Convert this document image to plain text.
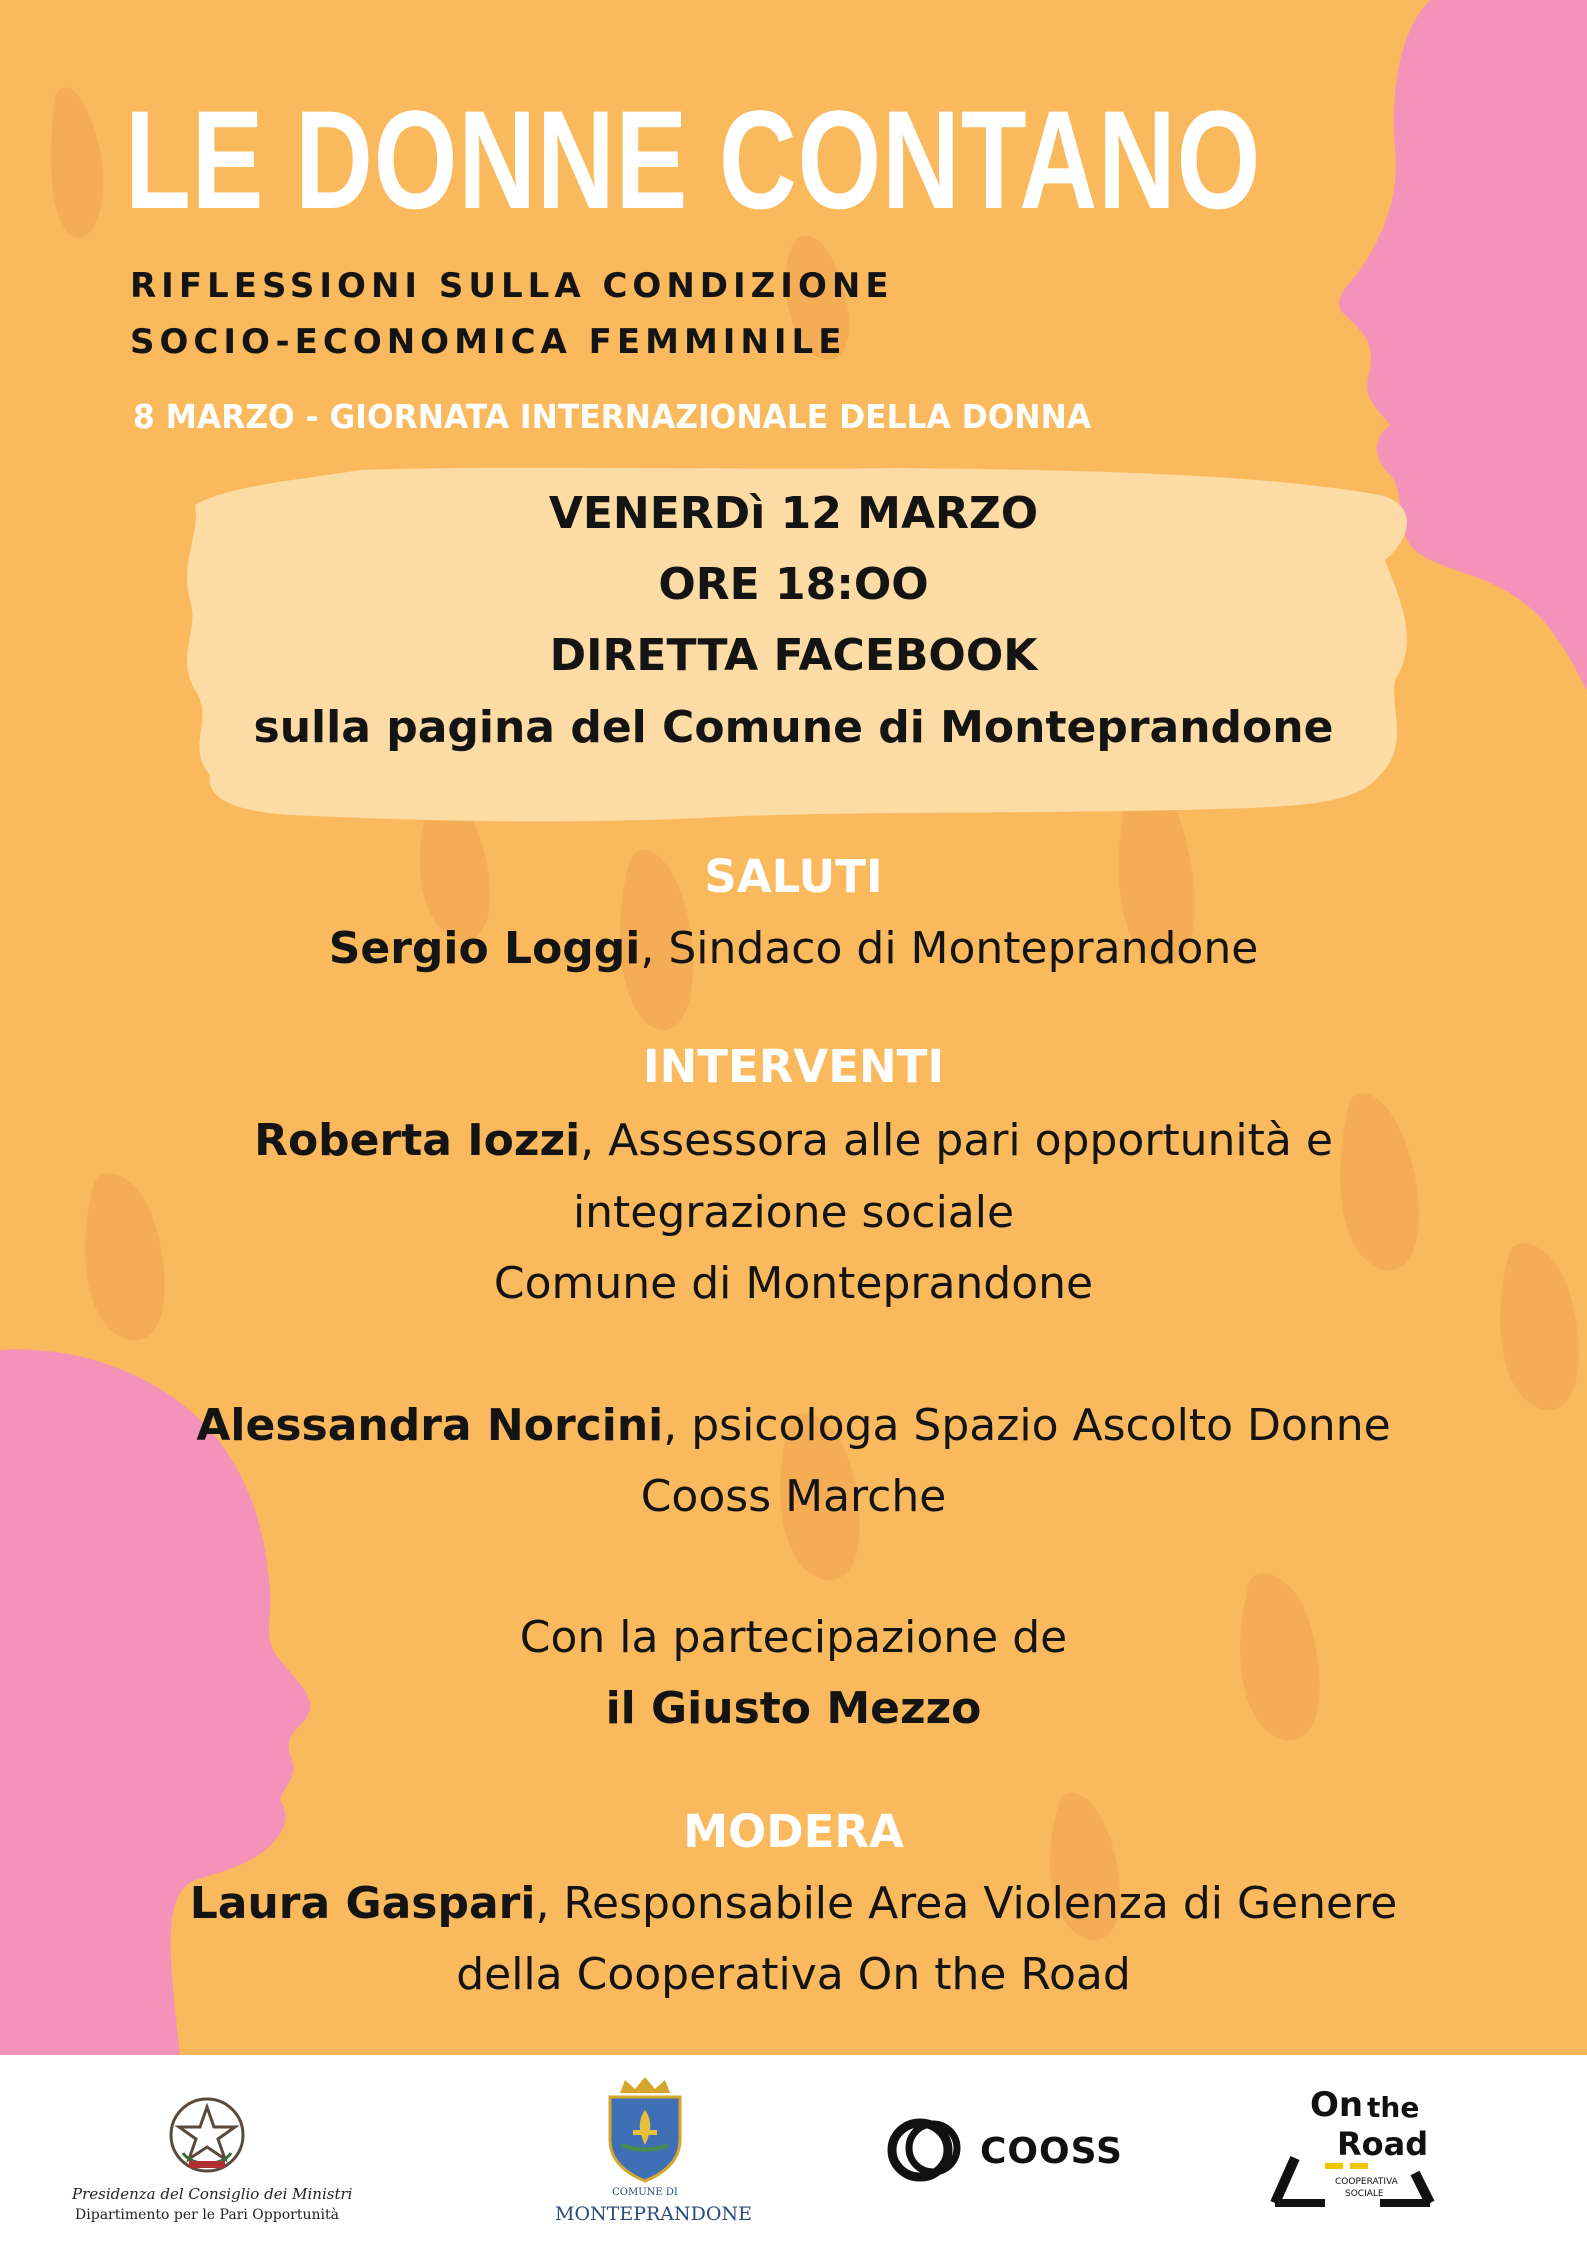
LE DONNE CONTANO
RIFLESSIONI SULLA CONDIZIONE
SOCIO-ECONOMICA FEMMINILE
8 MARZO - GIORNATA INTERNAZIONALE DELLA DONNA
VENERDì 12 MARZO
ORE 18:OO
DIRETTA FACEBOOK
sulla pagina del Comune di Monteprandone
SALUTI
Sergio Loggi, Sindaco di Monteprandone
INTERVENTI
Roberta Iozzi, Assessora alle pari opportunità e
integrazione sociale
Comune di Monteprandone
Alessandra Norcini, psicologa Spazio Ascolto Donne
Cooss Marche
Con la partecipazione de
il Giusto Mezzo
MODERA
Laura Gaspari, Responsabile Area Violenza di Genere
della Cooperativa On the Road
Presidenza del Consiglio dei Ministri
Dipartimento per le Pari Opportunità
COMUNE DI
MONTEPRANDONE
COOSS
On the
Road
COOPERATIVA
SOCIALE
